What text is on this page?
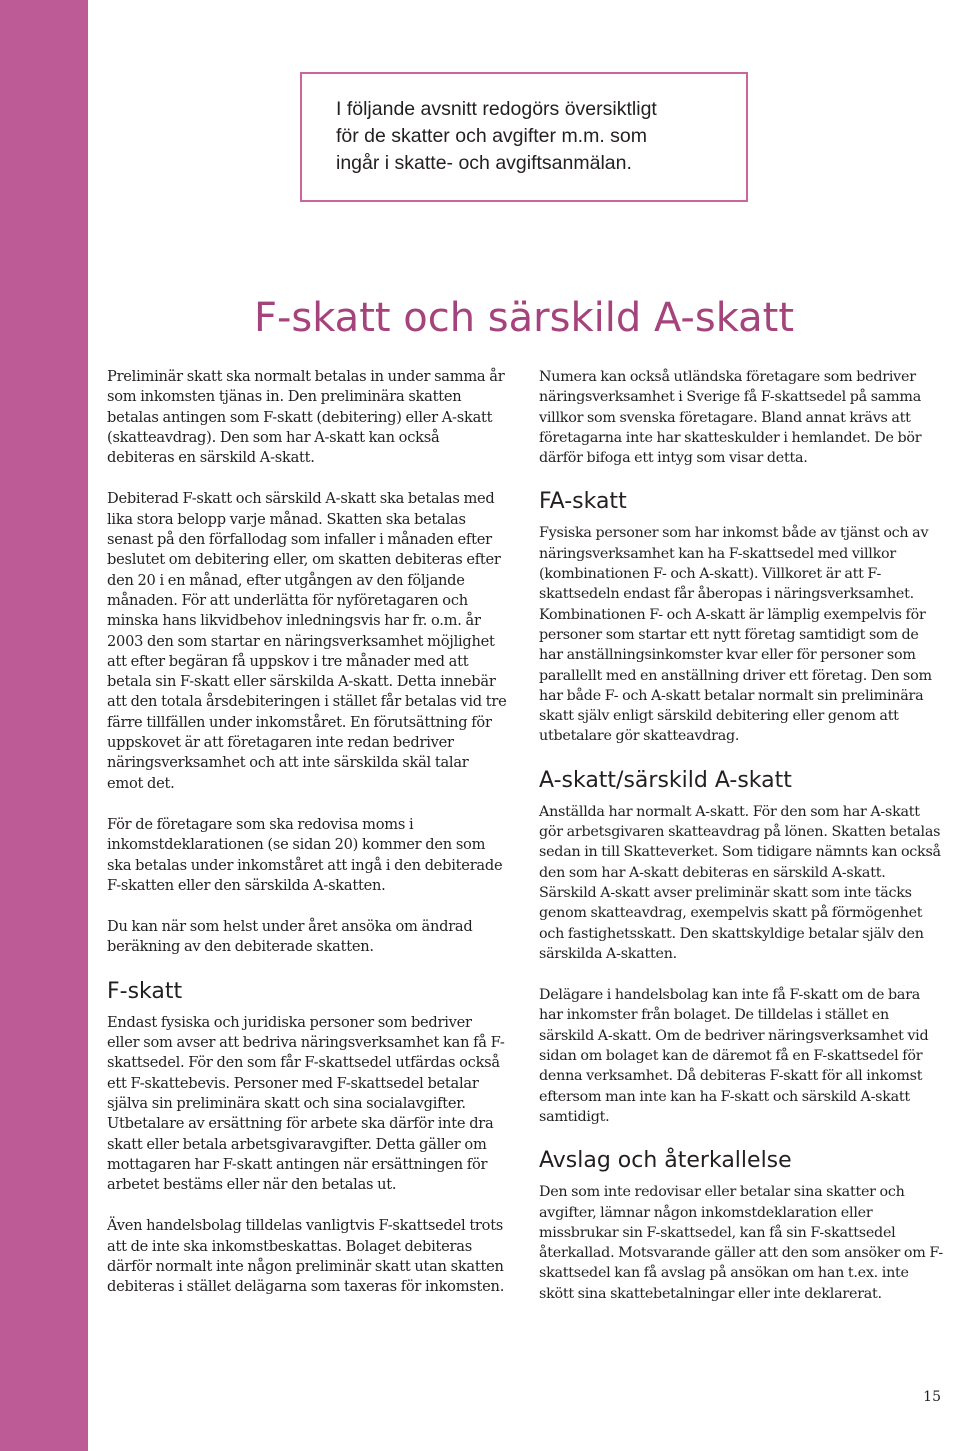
I följande avsnitt redogörs översiktligt

för de skatter och avgifter m.m. som

ingår i skatte- och avgiftsanmälan.

F-skatt och särskild A-skatt

Preliminär skatt ska normalt betalas in under samma år som inkomsten tjänas in. Den preliminära skatten betalas antingen som F-skatt (debitering) eller A-skatt (skatteavdrag). Den som har A-skatt kan också debiteras en särskild A-skatt.

Debiterad F-skatt och särskild A-skatt ska betalas med lika stora belopp varje månad. Skatten ska betalas senast på den förfallodag som infaller i månaden efter beslutet om debitering eller, om skatten debiteras efter den 20 i en månad, efter utgången av den följande månaden. För att underlätta för nyföretagaren och minska hans likvidbehov inledningsvis har fr. o.m. år 2003 den som startar en näringsverksamhet möjlighet att efter begäran få uppskov i tre månader med att betala sin F-skatt eller särskilda A-skatt. Detta innebär att den totala årsdebiteringen i stället får betalas vid tre färre tillfällen under inkomståret. En förutsättning för uppskovet är att företagaren inte redan bedriver näringsverksamhet och att inte särskilda skäl talar emot det.

För de företagare som ska redovisa moms i inkomstdeklarationen (se sidan 20) kommer den som ska betalas under inkomståret att ingå i den debiterade F-skatten eller den särskilda A-skatten.

Du kan när som helst under året ansöka om ändrad beräkning av den debiterade skatten.

F-skatt

Endast fysiska och juridiska personer som bedriver eller som avser att bedriva näringsverksamhet kan få F-skattsedel. För den som får F-skattsedel utfärdas också ett F-skattebevis. Personer med F-skattsedel betalar själva sin preliminära skatt och sina socialavgifter. Utbetalare av ersättning för arbete ska därför inte dra skatt eller betala arbetsgivaravgifter. Detta gäller om mottagaren har F-skatt antingen när ersättningen för arbetet bestäms eller när den betalas ut.

Även handelsbolag tilldelas vanligtvis F-skattsedel trots att de inte ska inkomstbeskattas. Bolaget debiteras därför normalt inte någon preliminär skatt utan skatten debiteras i stället delägarna som taxeras för inkomsten.

Numera kan också utländska företagare som bedriver näringsverksamhet i Sverige få F-skattsedel på samma villkor som svenska företagare. Bland annat krävs att företagarna inte har skatteskulder i hemlandet. De bör därför bifoga ett intyg som visar detta.

FA-skatt

Fysiska personer som har inkomst både av tjänst och av näringsverksamhet kan ha F-skattsedel med villkor (kombinationen F- och A-skatt). Villkoret är att F-skattsedeln endast får åberopas i näringsverksamhet. Kombinationen F- och A-skatt är lämplig exempelvis för personer som startar ett nytt företag samtidigt som de har anställningsinkomster kvar eller för personer som parallellt med en anställning driver ett företag. Den som har både F- och A-skatt betalar normalt sin preliminära skatt själv enligt särskild debitering eller genom att utbetalare gör skatteavdrag.

A-skatt/särskild A-skatt

Anställda har normalt A-skatt. För den som har A-skatt gör arbetsgivaren skatteavdrag på lönen. Skatten betalas sedan in till Skatteverket. Som tidigare nämnts kan också den som har A-skatt debiteras en särskild A-skatt. Särskild A-skatt avser preliminär skatt som inte täcks genom skatteavdrag, exempelvis skatt på förmögenhet och fastighetsskatt. Den skattskyldige betalar själv den särskilda A-skatten.

Delägare i handelsbolag kan inte få F-skatt om de bara har inkomster från bolaget. De tilldelas i stället en särskild A-skatt. Om de bedriver näringsverksamhet vid sidan om bolaget kan de däremot få en F-skattsedel för denna verksamhet. Då debiteras F-skatt för all inkomst eftersom man inte kan ha F-skatt och särskild A-skatt samtidigt.

Avslag och återkallelse

Den som inte redovisar eller betalar sina skatter och avgifter, lämnar någon inkomstdeklaration eller missbrukar sin F-skattsedel, kan få sin F-skattsedel återkallad. Motsvarande gäller att den som ansöker om F-skattsedel kan få avslag på ansökan om han t.ex. inte skött sina skattebetalningar eller inte deklarerat.

15
